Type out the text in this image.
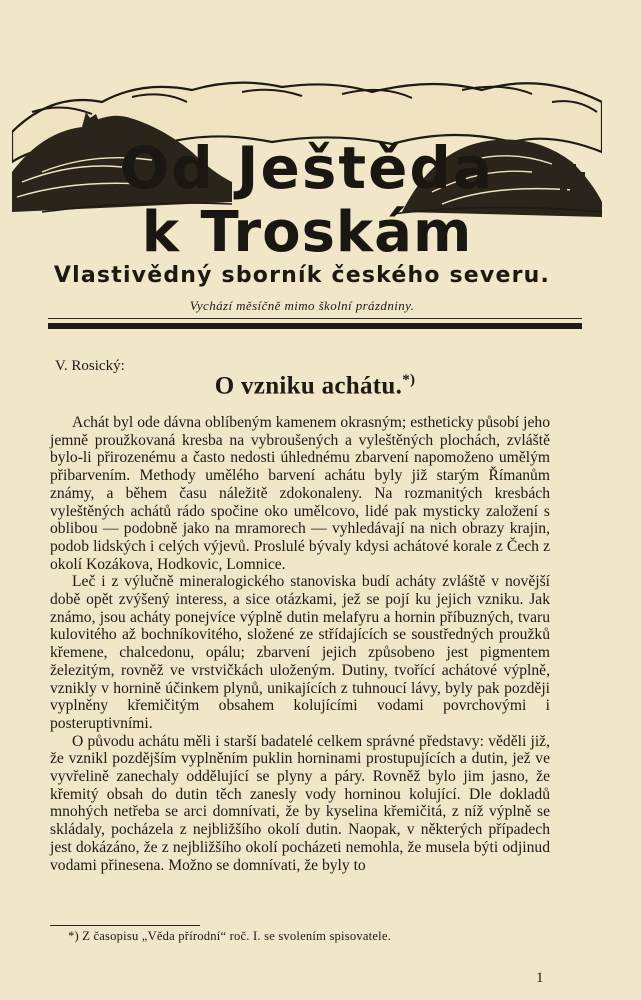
Od Ještěda
k Troskám
Vlastivědný sborník českého severu.
Vychází měsíčně mimo školní prázdniny.
V. Rosický:
O vzniku achátu.*)

Achát byl ode dávna oblíbeným kamenem okrasným; estheticky působí jeho jemně proužkovaná kresba na vybroušených a vyleštěných plochách, zvláště bylo-li přirozenému a často nedosti úhlednému zbarvení napomoženo umělým přibarvením. Methody umělého barvení achátu byly již starým Římanům známy, a během času náležitě zdokonaleny. Na rozmanitých kresbách vyleštěných achátů rádo spočine oko umělcovo, lidé pak mysticky založení s oblibou — podobně jako na mramorech — vyhledávají na nich obrazy krajin, podob lidských i celých výjevů. Proslulé bývaly kdysi achátové korale z Čech z okolí Kozákova, Hodkovic, Lomnice.

Leč i z výlučně mineralogického stanoviska budí acháty zvláště v novější době opět zvýšený interess, a sice otázkami, jež se pojí ku jejich vzniku. Jak známo, jsou acháty ponejvíce výplně dutin melafyru a hornin příbuzných, tvaru kulovitého až bochníkovitého, složené ze střídajících se soustředných proužků křemene, chalcedonu, opálu; zbarvení jejich způsobeno jest pigmentem železitým, rovněž ve vrstvičkách uloženým. Dutiny, tvořící achátové výplně, vznikly v hornině účinkem plynů, unikajících z tuhnoucí lávy, byly pak později vyplněny křemičitým obsahem kolujícími vodami povrchovými i posteruptivními.

O původu achátu měli i starší badatelé celkem správné představy: věděli již, že vznikl pozdějším vyplněním puklin horninami prostupujících a dutin, jež ve vyvřelině zanechaly oddělující se plyny a páry. Rovněž bylo jim jasno, že křemitý obsah do dutin těch zanesly vody horninou kolující. Dle dokladů mnohých netřeba se arci domnívati, že by kyselina křemičitá, z níž výplně se skládaly, pocházela z nejbližšího okolí dutin. Naopak, v některých případech jest dokázáno, že z nejbližšího okolí pocházeti nemohla, že musela býti odjinud vodami přinesena. Možno se domnívati, že byly to

*) Z časopisu „Věda přírodní“ roč. I. se svolením spisovatele.
1
